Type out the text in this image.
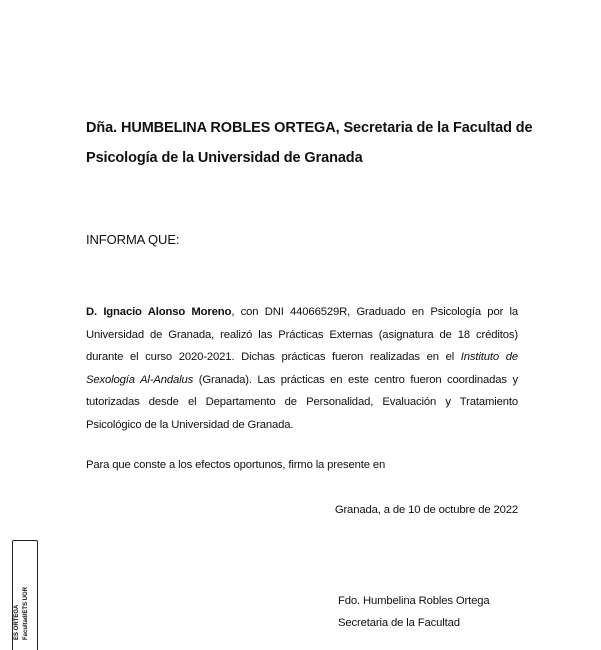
Dña. HUMBELINA ROBLES ORTEGA, Secretaria de la Facultad de
Psicología de la Universidad de Granada
INFORMA QUE:
D. Ignacio Alonso Moreno, con DNI 44066529R, Graduado en Psicología por la Universidad de Granada, realizó las Prácticas Externas (asignatura de 18 créditos) durante el curso 2020-2021. Dichas prácticas fueron realizadas en el Instituto de Sexología Al-Andalus (Granada). Las prácticas en este centro fueron coordinadas y tutorizadas desde el Departamento de Personalidad, Evaluación y Tratamiento Psicológico de la Universidad de Granada.
Para que conste a los efectos oportunos, firmo la presente en
Granada, a de 10 de octubre de 2022
Fdo. Humbelina Robles Ortega
Secretaria de la Facultad
ES ORTEGA Facultad/ETS UGR
